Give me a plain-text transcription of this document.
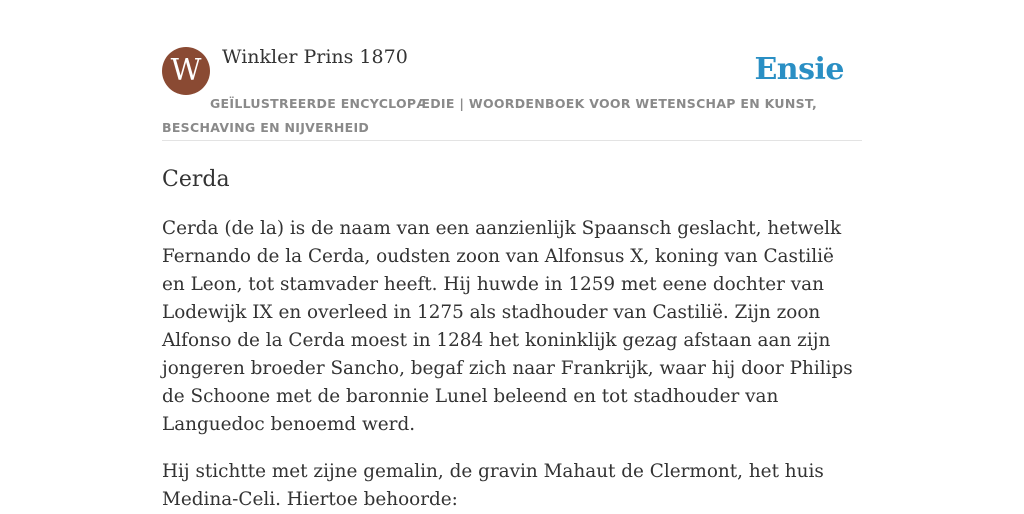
W	Winkler Prins 1870	Ensie
GEÏLLUSTREERDE ENCYCLOPÆDIE | WOORDENBOEK VOOR WETENSCHAP EN KUNST, BESCHAVING EN NIJVERHEID
Cerda

Cerda (de la) is de naam van een aanzienlijk Spaansch geslacht, hetwelk Fernando de la Cerda, oudsten zoon van Alfonsus X, koning van Castilië en Leon, tot stamvader heeft. Hij huwde in 1259 met eene dochter van Lodewijk IX en overleed in 1275 als stadhouder van Castilië. Zijn zoon Alfonso de la Cerda moest in 1284 het koninklijk gezag afstaan aan zijn jongeren broeder Sancho, begaf zich naar Frankrijk, waar hij door Philips de Schoone met de baronnie Lunel beleend en tot stadhouder van Languedoc benoemd werd.

Hij stichtte met zijne gemalin, de gravin Mahaut de Clermont, het huis Medina-Celi. Hiertoe behoorde:
